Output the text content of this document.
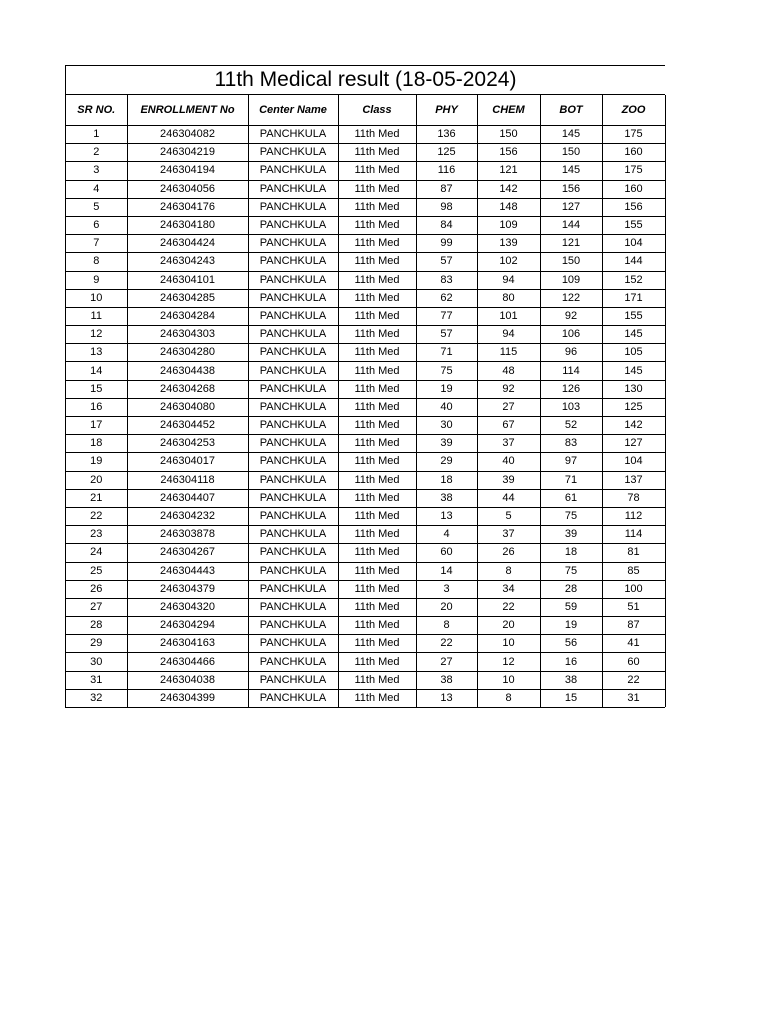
11th Medical result (18-05-2024)
SR NO.	ENROLLMENT No	Center Name	Class	PHY	CHEM	BOT	ZOO
1	246304082	PANCHKULA	11th Med	136	150	145	175
2	246304219	PANCHKULA	11th Med	125	156	150	160
3	246304194	PANCHKULA	11th Med	116	121	145	175
4	246304056	PANCHKULA	11th Med	87	142	156	160
5	246304176	PANCHKULA	11th Med	98	148	127	156
6	246304180	PANCHKULA	11th Med	84	109	144	155
7	246304424	PANCHKULA	11th Med	99	139	121	104
8	246304243	PANCHKULA	11th Med	57	102	150	144
9	246304101	PANCHKULA	11th Med	83	94	109	152
10	246304285	PANCHKULA	11th Med	62	80	122	171
11	246304284	PANCHKULA	11th Med	77	101	92	155
12	246304303	PANCHKULA	11th Med	57	94	106	145
13	246304280	PANCHKULA	11th Med	71	115	96	105
14	246304438	PANCHKULA	11th Med	75	48	114	145
15	246304268	PANCHKULA	11th Med	19	92	126	130
16	246304080	PANCHKULA	11th Med	40	27	103	125
17	246304452	PANCHKULA	11th Med	30	67	52	142
18	246304253	PANCHKULA	11th Med	39	37	83	127
19	246304017	PANCHKULA	11th Med	29	40	97	104
20	246304118	PANCHKULA	11th Med	18	39	71	137
21	246304407	PANCHKULA	11th Med	38	44	61	78
22	246304232	PANCHKULA	11th Med	13	5	75	112
23	246303878	PANCHKULA	11th Med	4	37	39	114
24	246304267	PANCHKULA	11th Med	60	26	18	81
25	246304443	PANCHKULA	11th Med	14	8	75	85
26	246304379	PANCHKULA	11th Med	3	34	28	100
27	246304320	PANCHKULA	11th Med	20	22	59	51
28	246304294	PANCHKULA	11th Med	8	20	19	87
29	246304163	PANCHKULA	11th Med	22	10	56	41
30	246304466	PANCHKULA	11th Med	27	12	16	60
31	246304038	PANCHKULA	11th Med	38	10	38	22
32	246304399	PANCHKULA	11th Med	13	8	15	31
